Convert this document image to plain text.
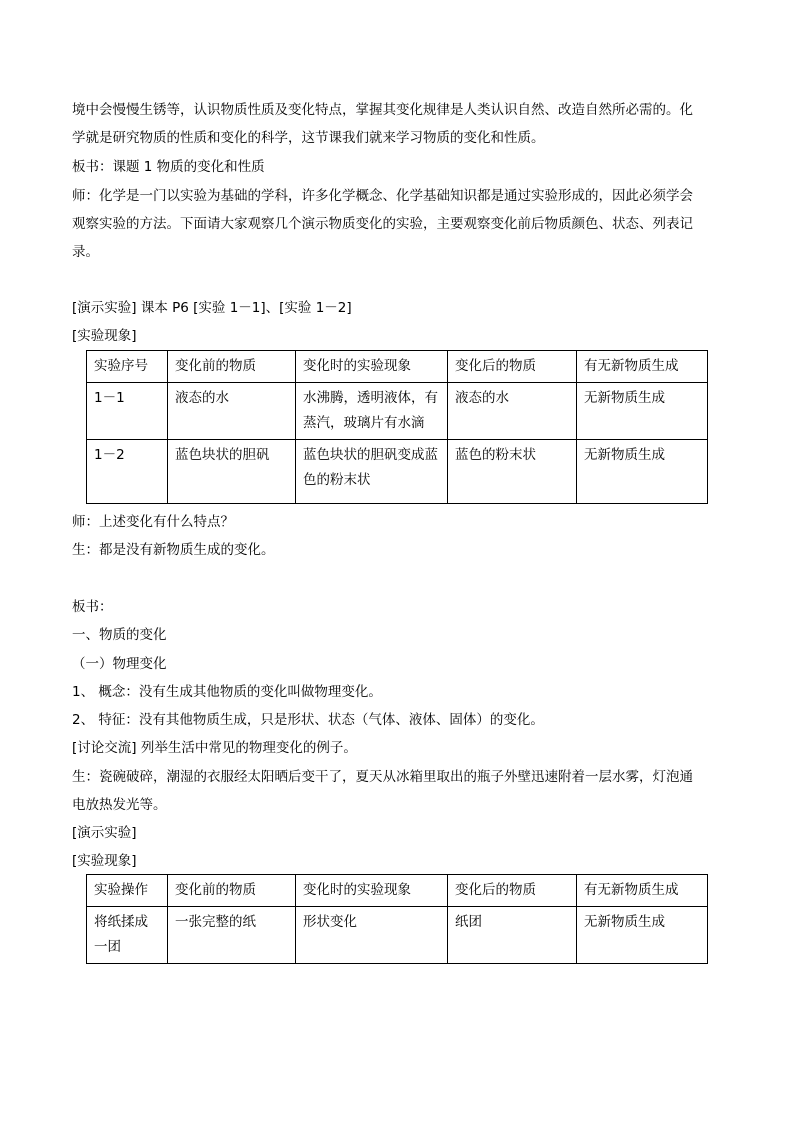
境中会慢慢生锈等，认识物质性质及变化特点，掌握其变化规律是人类认识自然、改造自然所必需的。化
学就是研究物质的性质和变化的科学，这节课我们就来学习物质的变化和性质。
板书：课题 1 物质的变化和性质
师：化学是一门以实验为基础的学科，许多化学概念、化学基础知识都是通过实验形成的，因此必须学会
观察实验的方法。下面请大家观察几个演示物质变化的实验，主要观察变化前后物质颜色、状态、列表记
录。
[演示实验] 课本 P6 [实验 1－1]、[实验 1－2]
[实验现象]
实验序号	变化前的物质	变化时的实验现象	变化后的物质	有无新物质生成
1－1	液态的水	水沸腾，透明液体，有蒸汽，玻璃片有水滴	液态的水	无新物质生成
1－2	蓝色块状的胆矾	蓝色块状的胆矾变成蓝色的粉末状	蓝色的粉末状	无新物质生成
师：上述变化有什么特点？
生：都是没有新物质生成的变化。
板书：
一、物质的变化
（一）物理变化
1、 概念：没有生成其他物质的变化叫做物理变化。
2、 特征：没有其他物质生成，只是形状、状态（气体、液体、固体）的变化。
[讨论交流] 列举生活中常见的物理变化的例子。
生：瓷碗破碎，潮湿的衣服经太阳晒后变干了，夏天从冰箱里取出的瓶子外壁迅速附着一层水雾，灯泡通
电放热发光等。
[演示实验]
[实验现象]
实验操作	变化前的物质	变化时的实验现象	变化后的物质	有无新物质生成
将纸揉成一团	一张完整的纸	形状变化	纸团	无新物质生成
